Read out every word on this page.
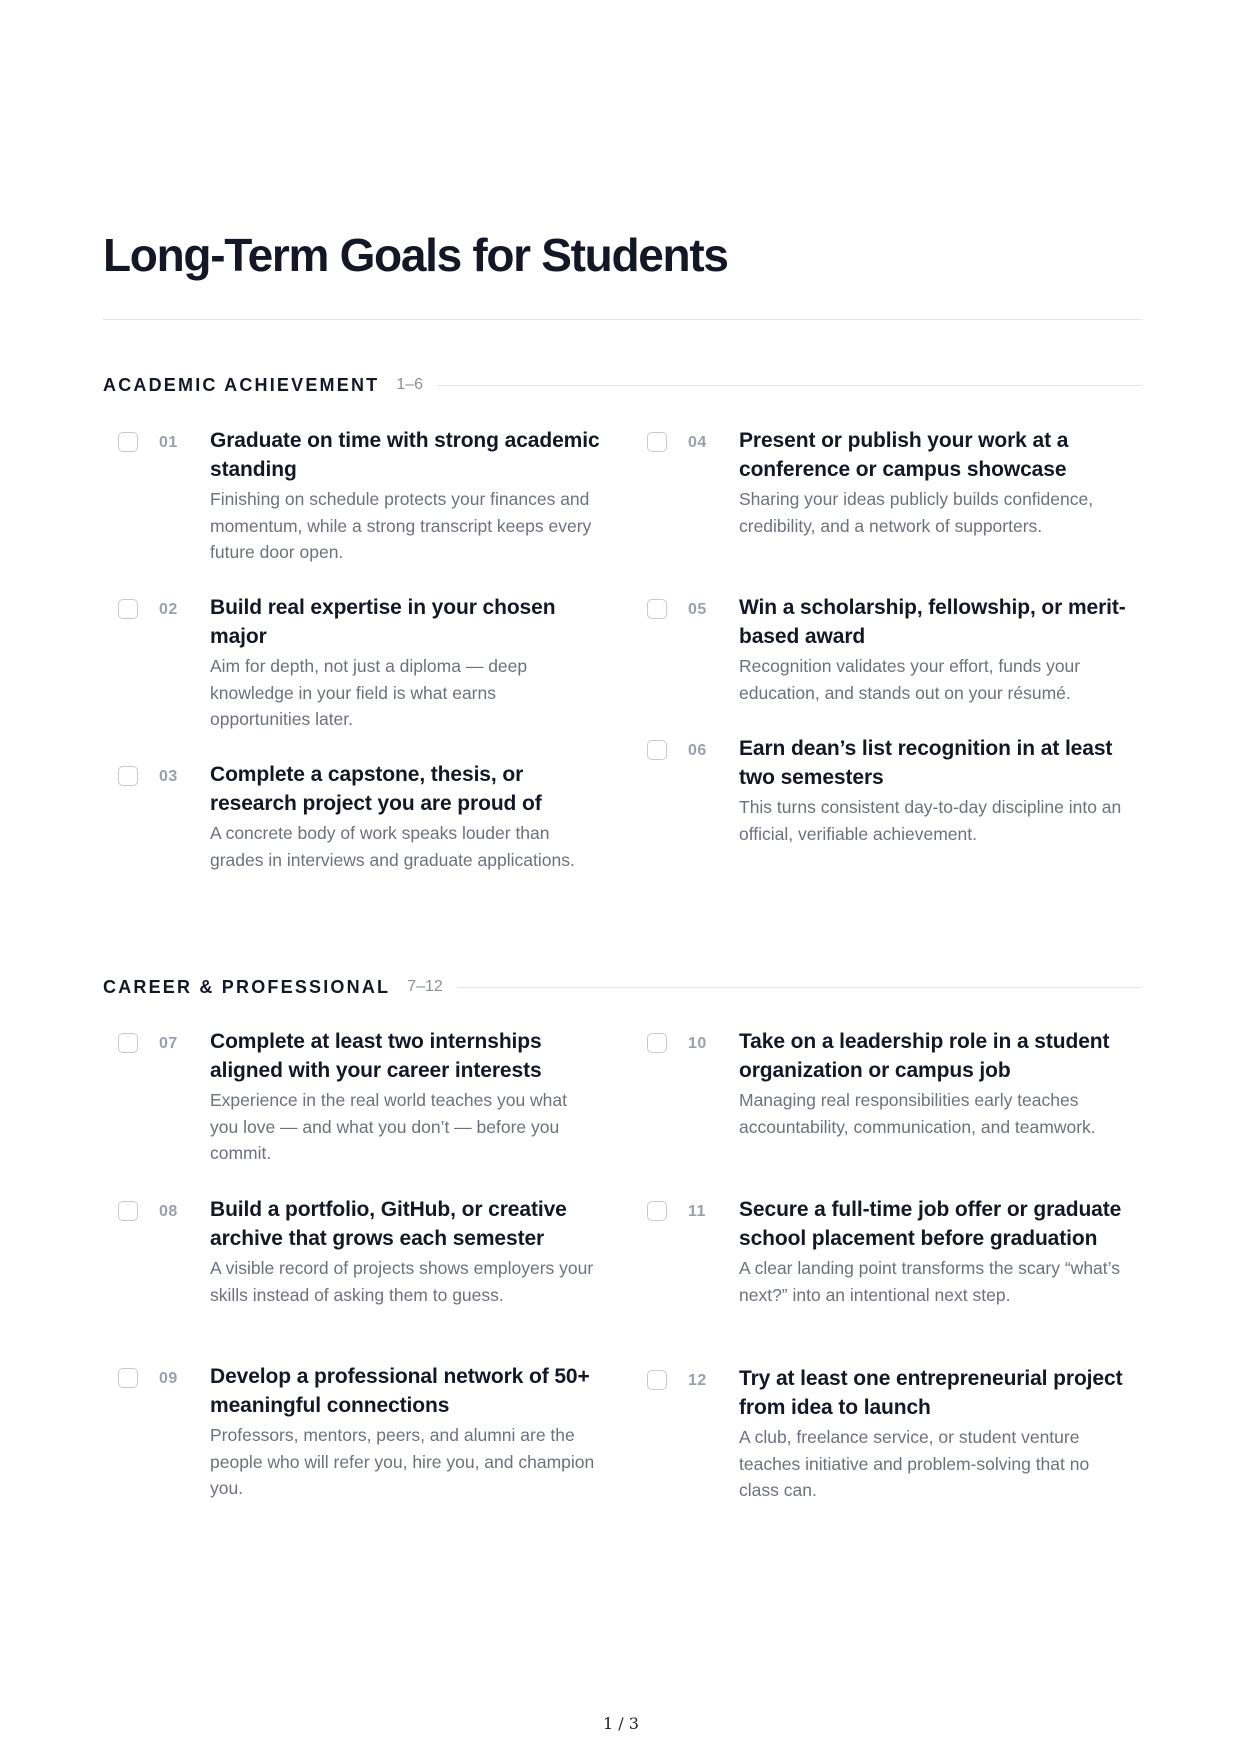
Long-Term Goals for Students
ACADEMIC ACHIEVEMENT 1–6
01 Graduate on time with strong academic standing
Finishing on schedule protects your finances and momentum, while a strong transcript keeps every future door open.
02 Build real expertise in your chosen major
Aim for depth, not just a diploma — deep knowledge in your field is what earns opportunities later.
03 Complete a capstone, thesis, or research project you are proud of
A concrete body of work speaks louder than grades in interviews and graduate applications.
04 Present or publish your work at a conference or campus showcase
Sharing your ideas publicly builds confidence, credibility, and a network of supporters.
05 Win a scholarship, fellowship, or merit-based award
Recognition validates your effort, funds your education, and stands out on your résumé.
06 Earn dean’s list recognition in at least two semesters
This turns consistent day-to-day discipline into an official, verifiable achievement.
CAREER & PROFESSIONAL 7–12
07 Complete at least two internships aligned with your career interests
Experience in the real world teaches you what you love — and what you don’t — before you commit.
08 Build a portfolio, GitHub, or creative archive that grows each semester
A visible record of projects shows employers your skills instead of asking them to guess.
09 Develop a professional network of 50+ meaningful connections
Professors, mentors, peers, and alumni are the people who will refer you, hire you, and champion you.
10 Take on a leadership role in a student organization or campus job
Managing real responsibilities early teaches accountability, communication, and teamwork.
11 Secure a full-time job offer or graduate school placement before graduation
A clear landing point transforms the scary “what’s next?” into an intentional next step.
12 Try at least one entrepreneurial project from idea to launch
A club, freelance service, or student venture teaches initiative and problem-solving that no class can.
1 / 3
